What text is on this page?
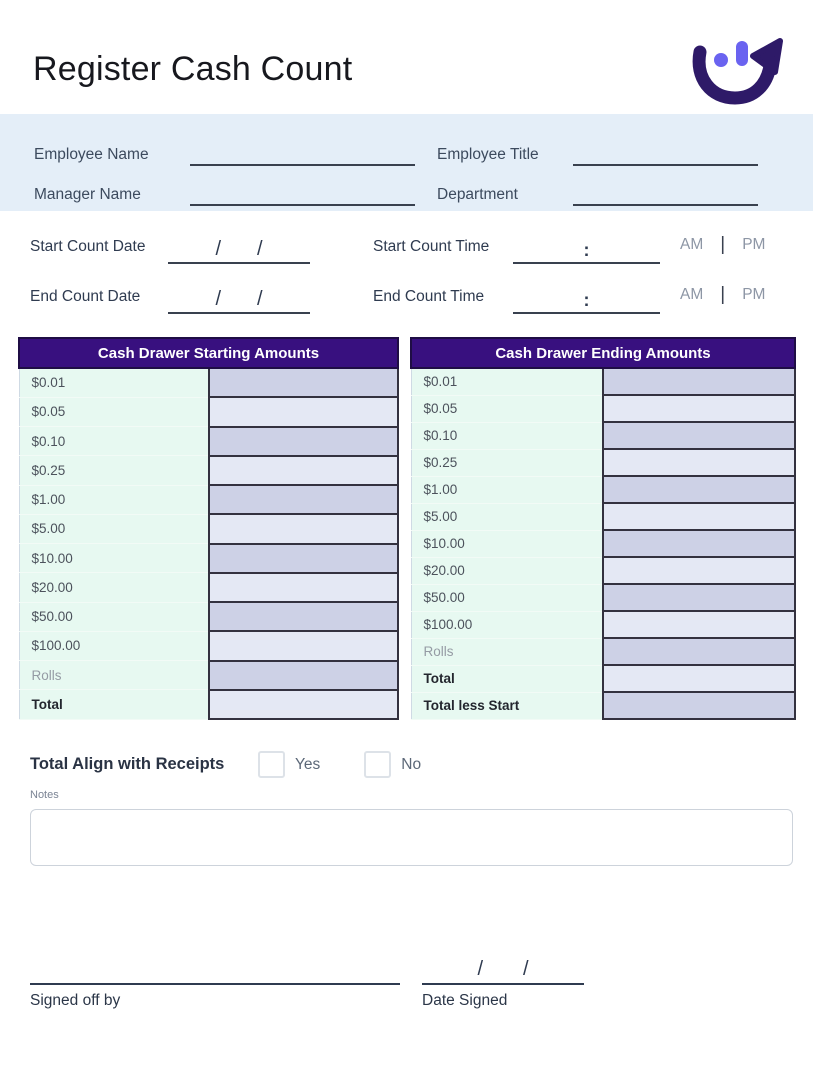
Register Cash Count
Employee Name	Employee Title
Manager Name	Department
Start Count Date	/ /	Start Count Time	:	AM | PM
End Count Date	/ /	End Count Time	:	AM | PM
Cash Drawer Starting Amounts	
$0.01	
$0.05	
$0.10	
$0.25	
$1.00	
$5.00	
$10.00	
$20.00	
$50.00	
$100.00	
Rolls	
Total	
Cash Drawer Ending Amounts	
$0.01	
$0.05	
$0.10	
$0.25	
$1.00	
$5.00	
$10.00	
$20.00	
$50.00	
$100.00	
Rolls	
Total	
Total less Start	
Total Align with Receipts	Yes	No
Notes
Signed off by
/ /
Date Signed
